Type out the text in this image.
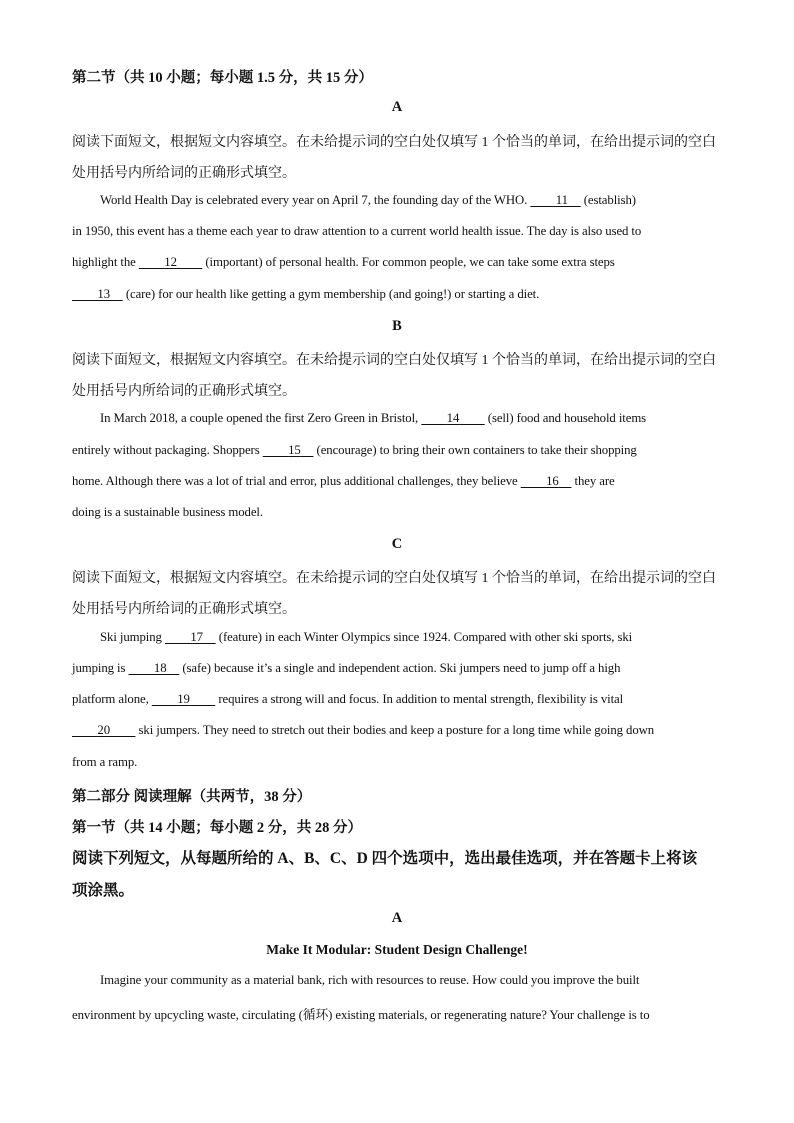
第二节（共 10 小题；每小题 1.5 分，共 15 分）
A
阅读下面短文，根据短文内容填空。在未给提示词的空白处仅填写 1 个恰当的单词，在给出提示词的空白
处用括号内所给词的正确形式填空。
World Health Day is celebrated every year on April 7, the founding day of the WHO.    11  (establish)
in 1950, this event has a theme each year to draw attention to a current world health issue. The day is also used to
highlight the    12   (important) of personal health. For common people, we can take some extra steps
  13  (care) for our health like getting a gym membership (and going!) or starting a diet.
B
阅读下面短文，根据短文内容填空。在未给提示词的空白处仅填写 1 个恰当的单词，在给出提示词的空白
处用括号内所给词的正确形式填空。
In March 2018, a couple opened the first Zero Green in Bristol,    14   (sell) food and household items
entirely without packaging. Shoppers    15  (encourage) to bring their own containers to take their shopping
home. Although there was a lot of trial and error, plus additional challenges, they believe    16  they are
doing is a sustainable business model.
C
阅读下面短文，根据短文内容填空。在未给提示词的空白处仅填写 1 个恰当的单词，在给出提示词的空白
处用括号内所给词的正确形式填空。
Ski jumping    17  (feature) in each Winter Olympics since 1924. Compared with other ski sports, ski
jumping is    18  (safe) because it’s a single and independent action. Ski jumpers need to jump off a high
platform alone,    19   requires a strong will and focus. In addition to mental strength, flexibility is vital
  20   ski jumpers. They need to stretch out their bodies and keep a posture for a long time while going down
from a ramp.
第二部分 阅读理解（共两节，38 分）
第一节（共 14 小题；每小题 2 分，共 28 分）
阅读下列短文，从每题所给的 A、B、C、D 四个选项中，选出最佳选项，并在答题卡上将该
项涂黑。
A
Make It Modular: Student Design Challenge!
Imagine your community as a material bank, rich with resources to reuse. How could you improve the built
environment by upcycling waste, circulating (循环) existing materials, or regenerating nature? Your challenge is to
